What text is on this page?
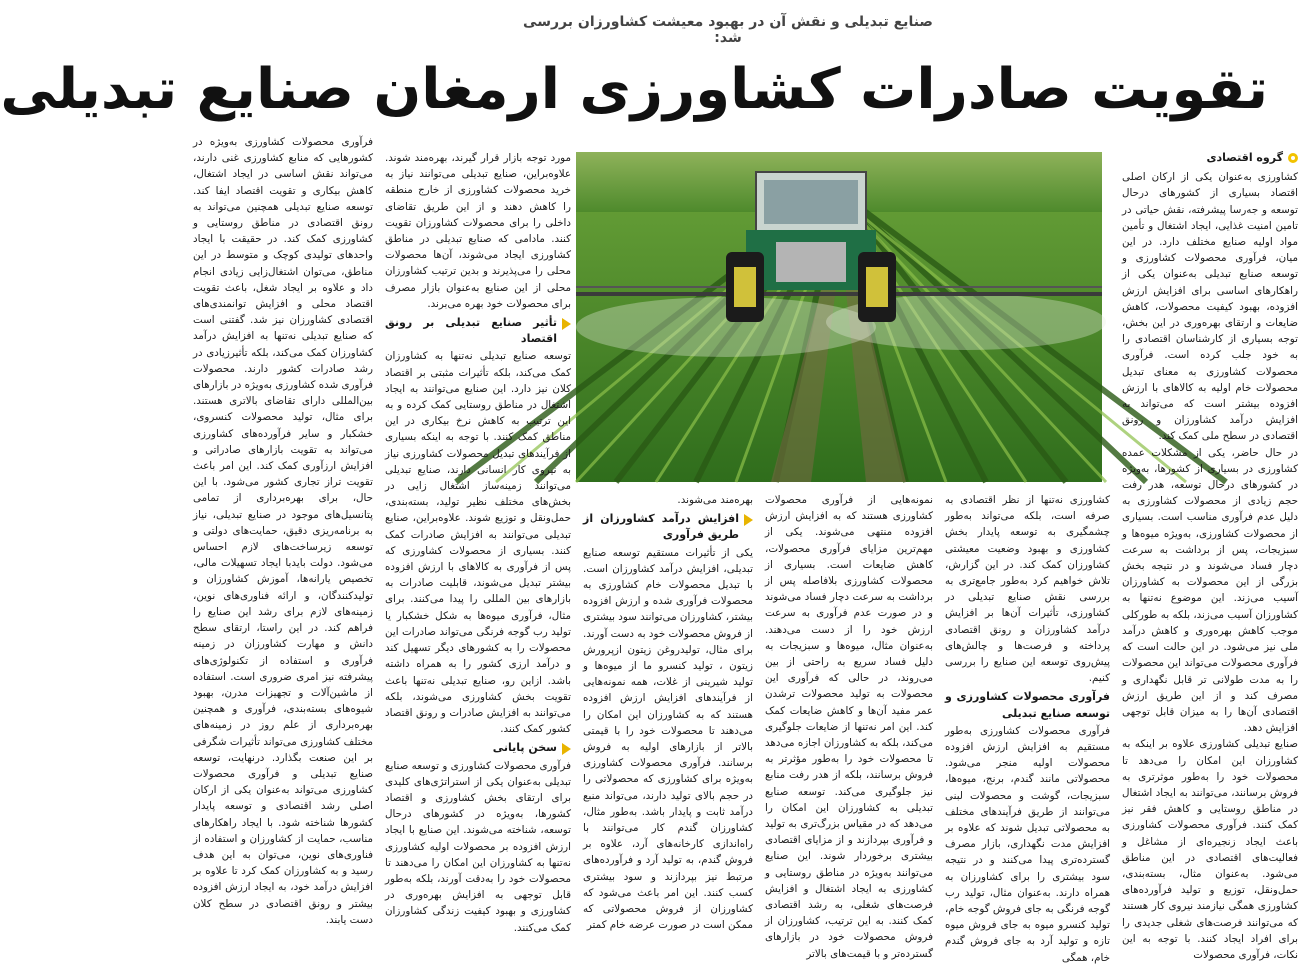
صنایع تبدیلی و نقش آن در بهبود معیشت کشاورزان بررسی شد:
تقویت صادرات کشاورزی ارمغان صنایع تبدیلی
گروه اقتصادی

کشاورزی به‌عنوان یکی از ارکان اصلی اقتصاد بسیاری از کشورهای درحال توسعه و جه‌رسا پیشرفته، نقش حیاتی در تامین امنیت غذایی، ایجاد اشتغال و تأمین مواد اولیه صنایع مختلف دارد. در این میان، فرآوری محصولات کشاورزی و توسعه صنایع تبدیلی به‌عنوان یکی از راهکارهای اساسی برای افزایش ارزش افزوده، بهبود کیفیت محصولات، کاهش ضایعات و ارتقای بهره‌وری در این بخش، توجه بسیاری از کارشناسان اقتصادی را به خود جلب کرده است. فرآوری محصولات کشاورزی به معنای تبدیل محصولات خام اولیه به کالاهای با ارزش افزوده بیشتر است که می‌تواند به افزایش درآمد کشاورزان و رونق اقتصادی در سطح ملی کمک کند.

در حال حاضر، یکی از مشکلات عمده کشاورزی در بسیاری از کشورها، به‌ویژه در کشورهای درحال توسعه، هدر رفت حجم زیادی از محصولات کشاورزی به دلیل عدم فرآوری مناسب است. بسیاری از محصولات کشاورزی، به‌ویژه میوه‌ها و سبزیجات، پس از برداشت به سرعت دچار فساد می‌شوند و در نتیجه بخش بزرگی از این محصولات به کشاورزان آسیب می‌زند. این موضوع نه‌تنها به کشاورزان آسیب می‌زند، بلکه به طورکلی موجب کاهش بهره‌وری و کاهش درآمد ملی نیز می‌شود. در این حالت است که فرآوری محصولات می‌تواند این محصولات را به مدت طولانی تر قابل نگهداری و مصرف کند و از این طریق ارزش اقتصادی آن‌ها را به میزان قابل توجهی افزایش دهد.

صنایع تبدیلی کشاورزی علاوه بر اینکه به کشاورزان این امکان را می‌دهد تا محصولات خود را به‌طور موثرتری به فروش برسانند، می‌توانند به ایجاد اشتغال در مناطق روستایی و کاهش فقر نیز کمک کنند. فرآوری محصولات کشاورزی باعث ایجاد زنجیره‌ای از مشاغل و فعالیت‌های اقتصادی در این مناطق می‌شود. به‌عنوان مثال، بسته‌بندی، حمل‌ونقل، توزیع و تولید فرآورده‌های کشاورزی همگی نیازمند نیروی کار هستند که می‌توانند فرصت‌های شغلی جدیدی را برای افراد ایجاد کنند. با توجه به این نکات، فرآوری محصولات

کشاورزی نه‌تنها از نظر اقتصادی به صرفه است، بلکه می‌تواند به‌طور چشمگیری به توسعه پایدار بخش کشاورزی و بهبود وضعیت معیشتی کشاورزان کمک کند. در این گزارش، تلاش خواهیم کرد به‌طور جامع‌تری به بررسی نقش صنایع تبدیلی در کشاورزی، تأثیرات آن‌ها بر افزایش درآمد کشاورزان و رونق اقتصادی پرداخته و فرصت‌ها و چالش‌های پیش‌روی توسعه این صنایع را بررسی کنیم.

فرآوری محصولات کشاورزی و توسعه صنایع تبدیلی

فرآوری محصولات کشاورزی به‌طور مستقیم به افزایش ارزش افزوده محصولات اولیه منجر می‌شود. محصولاتی مانند گندم، برنج، میوه‌ها، سبزیجات، گوشت و محصولات لبنی می‌توانند از طریق فرآیندهای مختلف به محصولاتی تبدیل شوند که علاوه بر افزایش مدت نگهداری، بازار مصرف گسترده‌تری پیدا می‌کنند و در نتیجه سود بیشتری را برای کشاورزان به همراه دارند. به‌عنوان مثال، تولید رب گوجه فرنگی به جای فروش گوجه خام، تولید کنسرو میوه به جای فروش میوه تازه و تولید آرد به جای فروش گندم خام، همگی

نمونه‌هایی از فرآوری محصولات کشاورزی هستند که به افزایش ارزش افزوده منتهی می‌شوند. یکی از مهم‌ترین مزایای فرآوری محصولات، کاهش ضایعات است. بسیاری از محصولات کشاورزی بلافاصله پس از برداشت به سرعت دچار فساد می‌شوند و در صورت عدم فرآوری به سرعت ارزش خود را از دست می‌دهند. به‌عنوان مثال، میوه‌ها و سبزیجات به دلیل فساد سریع به راحتی از بین می‌روند، در حالی که فرآوری این محصولات به تولید محصولات ترشدن عمر مفید آن‌ها و کاهش ضایعات کمک کند. این امر نه‌تنها از ضایعات جلوگیری می‌کند، بلکه به کشاورزان اجازه می‌دهد تا محصولات خود را به‌طور مؤثرتر به فروش برسانند، بلکه از هدر رفت منابع نیز جلوگیری می‌کند. توسعه صنایع تبدیلی به کشاورزان این امکان را می‌دهد که در مقیاس بزرگ‌تری به تولید و فرآوری بپردازند و از مزایای اقتصادی بیشتری برخوردار شوند. این صنایع می‌توانند به‌ویژه در مناطق روستایی و کشاورزی به ایجاد اشتغال و افزایش فرصت‌های شغلی، به رشد اقتصادی کمک کنند. به این ترتیب، کشاورزان از فروش محصولات خود در بازارهای گسترده‌تر و با قیمت‌های بالاتر

بهره‌مند می‌شوند.

افزایش درآمد کشاورزان از طریق فرآوری

یکی از تأثیرات مستقیم توسعه صنایع تبدیلی، افزایش درآمد کشاورزان است. با تبدیل محصولات خام کشاورزی به محصولات فرآوری شده و ارزش افزوده بیشتر، کشاورزان می‌توانند سود بیشتری از فروش محصولات خود به دست آورند. برای مثال، تولیدروغن زیتون ازپرورش زیتون ، تولید کنسرو ما از میوه‌ها و تولید شیرینی از غلات، همه نمونه‌هایی از فرآیندهای افزایش ارزش افزوده هستند که به کشاورزان این امکان را می‌دهند تا محصولات خود را با قیمتی بالاتر از بازارهای اولیه به فروش برسانند. فرآوری محصولات کشاورزی به‌ویژه برای کشاورزی که محصولاتی را در حجم بالای تولید دارند، می‌تواند منبع درآمد ثابت و پایدار باشد. به‌طور مثال، کشاورزان گندم کار می‌توانند با راه‌اندازی کارخانه‌های آرد، علاوه بر فروش گندم، به تولید آرد و فرآورده‌های مرتبط نیز بپردازند و سود بیشتری کسب کنند. این امر باعث می‌شود که کشاورزان از فروش محصولاتی که ممکن است در صورت عرضه خام کمتر

مورد توجه بازار قرار گیرند، بهره‌مند شوند. علاوه‌براین، صنایع تبدیلی می‌توانند نیاز به خرید محصولات کشاورزی از خارج منطقه را کاهش دهند و از این طریق تقاضای داخلی را برای محصولات کشاورزان تقویت کنند. مادامی که صنایع تبدیلی در مناطق کشاورزی ایجاد می‌شوند، آن‌ها محصولات محلی را می‌پذیرند و بدین ترتیب کشاورزان محلی از این صنایع به‌عنوان بازار مصرف برای محصولات خود بهره می‌برند.

تأثیر صنایع تبدیلی بر رونق اقتصاد

توسعه صنایع تبدیلی نه‌تنها به کشاورزان کمک می‌کند، بلکه تأثیرات مثبتی بر اقتصاد کلان نیز دارد. این صنایع می‌توانند به ایجاد اشتغال در مناطق روستایی کمک کرده و به این ترتیب به کاهش نرخ بیکاری در این مناطق کمک کنند. با توجه به اینکه بسیاری از فرآیندهای تبدیل محصولات کشاورزی نیاز به نیروی کار انسانی دارند، صنایع تبدیلی می‌توانند زمینه‌ساز اشتغال زایی در بخش‌های مختلف نظیر تولید، بسته‌بندی، حمل‌ونقل و توزیع شوند. علاوه‌براین، صنایع تبدیلی می‌توانند به افزایش صادرات کمک کنند. بسیاری از محصولات کشاورزی که پس از فرآوری به کالاهای با ارزش افزوده بیشتر تبدیل می‌شوند، قابلیت صادرات به بازارهای بین المللی را پیدا می‌کنند. برای مثال، فرآوری میوه‌ها به شکل خشکبار یا تولید رب گوجه فرنگی می‌تواند صادرات این محصولات را به کشورهای دیگر تسهیل کند و درآمد ارزی کشور را به همراه داشته باشد. ازاین رو، صنایع تبدیلی نه‌تنها باعث تقویت بخش کشاورزی می‌شوند، بلکه می‌توانند به افزایش صادرات و رونق اقتصاد کشور کمک کنند.

سخن پایانی

فرآوری محصولات کشاورزی و توسعه صنایع تبدیلی به‌عنوان یکی از استراتژی‌های کلیدی برای ارتقای بخش کشاورزی و اقتصاد کشورها، به‌ویژه در کشورهای درحال توسعه، شناخته می‌شوند. این صنایع با ایجاد ارزش افزوده بر محصولات اولیه کشاورزی نه‌تنها به کشاورزان این امکان را می‌دهند تا محصولات خود را به‌دقت آورند، بلکه به‌طور قابل توجهی به افزایش بهره‌وری در کشاورزی و بهبود کیفیت زندگی کشاورزان کمک می‌کنند.

فرآوری محصولات کشاورزی به‌ویژه در کشورهایی که منابع کشاورزی غنی دارند، می‌تواند نقش اساسی در ایجاد اشتغال، کاهش بیکاری و تقویت اقتصاد ایفا کند. توسعه صنایع تبدیلی همچنین می‌تواند به رونق اقتصادی در مناطق روستایی و کشاورزی کمک کند. در حقیقت با ایجاد واحدهای تولیدی کوچک و متوسط در این مناطق، می‌توان اشتغال‌زایی زیادی انجام داد و علاوه بر ایجاد شغل، باعث تقویت اقتصاد محلی و افزایش توانمندی‌های اقتصادی کشاورزان نیز شد. گفتنی است که صنایع تبدیلی نه‌تنها به افزایش درآمد کشاورزان کمک می‌کند، بلکه تأثیرزیادی در رشد صادرات کشور دارند. محصولات فرآوری شده کشاورزی به‌ویژه در بازارهای بین‌المللی دارای تقاضای بالاتری هستند. برای مثال، تولید محصولات کنسروی، خشکبار و سایر فرآورده‌های کشاورزی می‌تواند به تقویت بازارهای صادراتی و افزایش ارزآوری کمک کند. این امر باعث تقویت تراز تجاری کشور می‌شود. با این حال، برای بهره‌برداری از تمامی پتانسیل‌های موجود در صنایع تبدیلی، نیاز به برنامه‌ریزی دقیق، حمایت‌های دولتی و توسعه زیرساخت‌های لازم احساس می‌شود. دولت بایدبا ایجاد تسهیلات مالی، تخصیص یارانه‌ها، آموزش کشاورزان و تولیدکنندگان، و ارائه فناوری‌های نوین، زمینه‌های لازم برای رشد این صنایع را فراهم کند. در این راستا، ارتقای سطح دانش و مهارت کشاورزان در زمینه فرآوری و استفاده از تکنولوژی‌های پیشرفته نیز امری ضروری است. استفاده از ماشین‌آلات و تجهیزات مدرن، بهبود شیوه‌های بسته‌بندی، فرآوری و همچنین بهره‌برداری از علم روز در زمینه‌های مختلف کشاورزی می‌تواند تأثیرات شگرفی بر این صنعت بگذارد. درنهایت، توسعه صنایع تبدیلی و فرآوری محصولات کشاورزی می‌تواند به‌عنوان یکی از ارکان اصلی رشد اقتصادی و توسعه پایدار کشورها شناخته شود. با ایجاد راهکارهای مناسب، حمایت از کشاورزان و استفاده از فناوری‌های نوین، می‌توان به این هدف رسید و به کشاورزان کمک کرد تا علاوه بر افزایش درآمد خود، به ایجاد ارزش افزوده بیشتر و رونق اقتصادی در سطح کلان دست یابند.
